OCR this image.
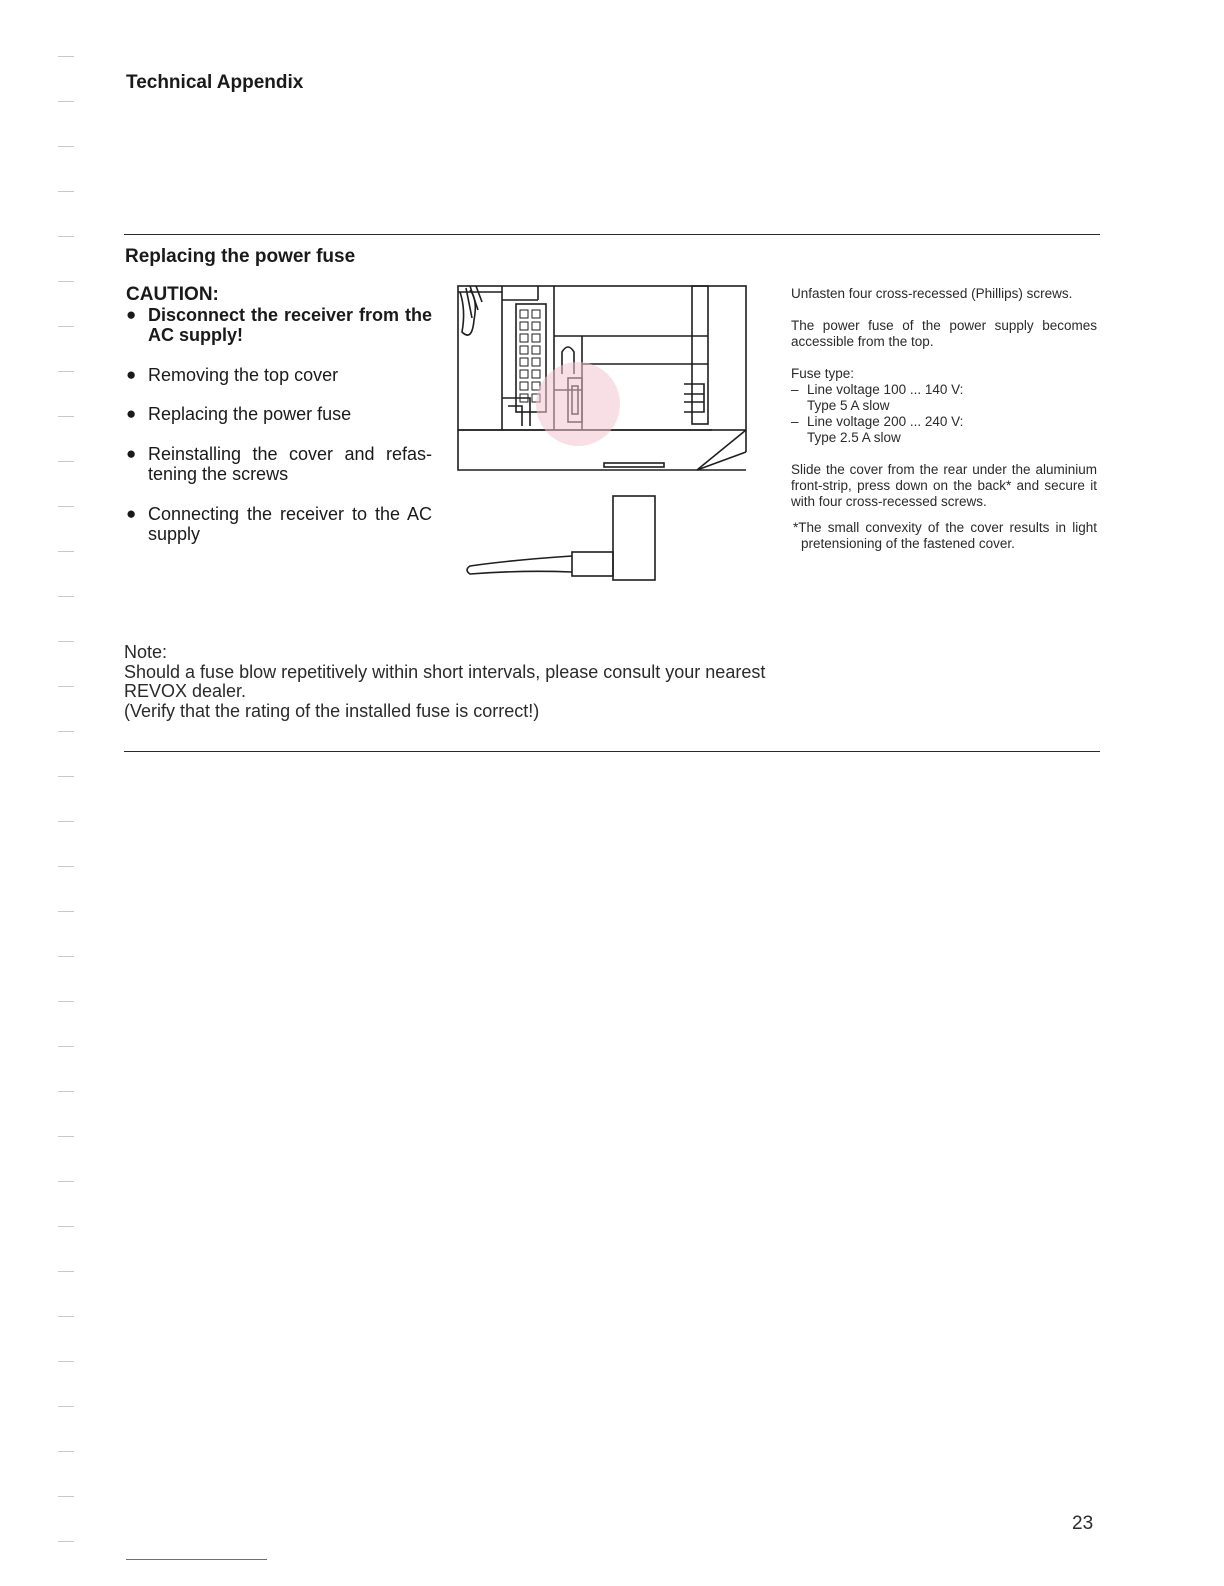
Technical Appendix
Replacing the power fuse
CAUTION:
● Disconnect the receiver from the AC supply!
● Removing the top cover
● Replacing the power fuse
● Reinstalling the cover and refastening the screws
● Connecting the receiver to the AC supply

Unfasten four cross-recessed (Phillips) screws.

The power fuse of the power supply becomes accessible from the top.

Fuse type:

– Line voltage 100 ... 140 V:
Type 5 A slow
– Line voltage 200 ... 240 V:
Type 2.5 A slow

Slide the cover from the rear under the aluminium front-strip, press down on the back* and secure it with four cross-recessed screws.

*The small convexity of the cover results in light pretensioning of the fastened cover.

Note:
Should a fuse blow repetitively within short intervals, please consult your nearest REVOX dealer.
(Verify that the rating of the installed fuse is correct!)
23
